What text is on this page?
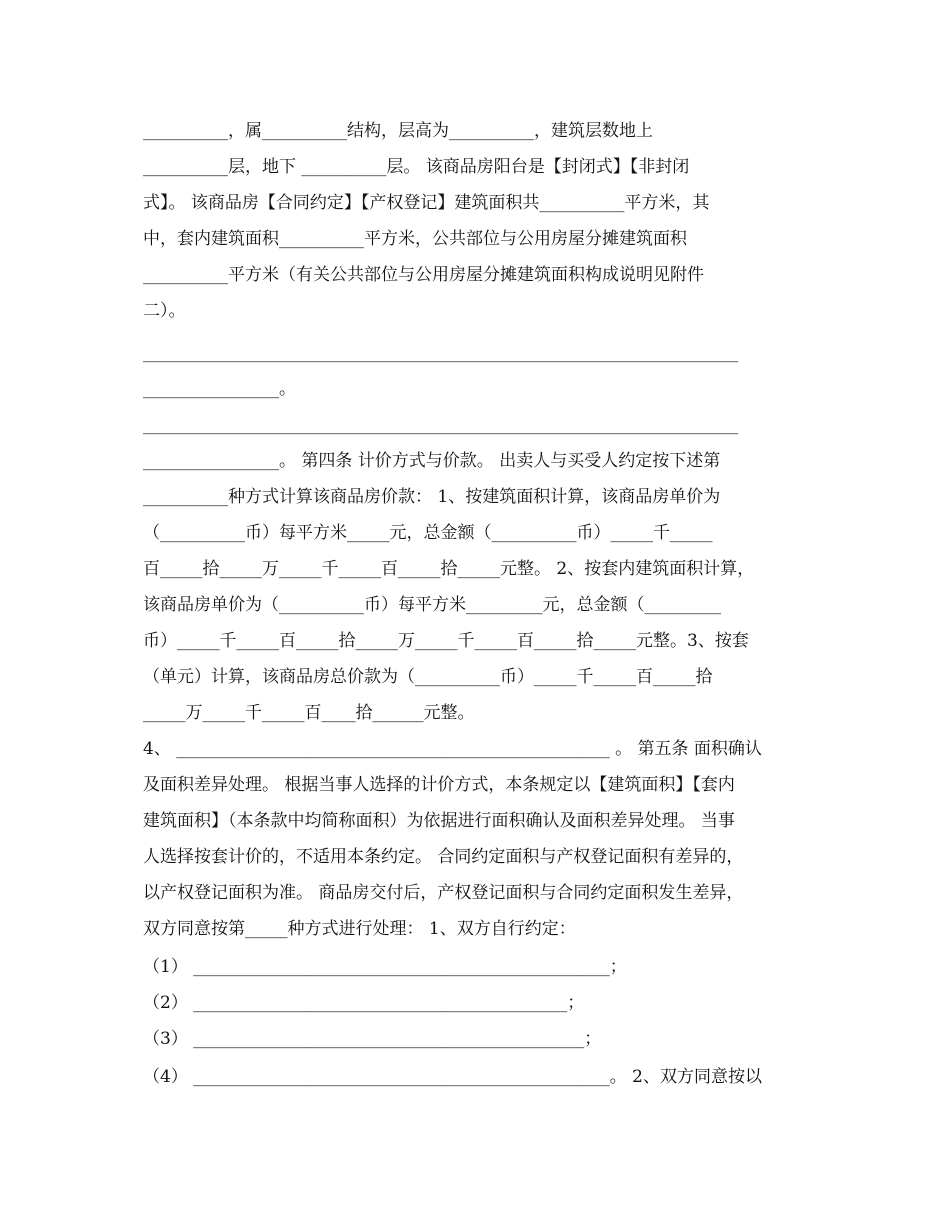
__________，属__________结构，层高为__________，建筑层数地上
__________层，地下 __________层。 该商品房阳台是【封闭式】【非封闭
式】。 该商品房【合同约定】【产权登记】建筑面积共__________平方米，其
中，套内建筑面积__________平方米，公共部位与公用房屋分摊建筑面积
__________平方米（有关公共部位与公用房屋分摊建筑面积构成说明见附件
二）。
______________________________________________________________________
________________。
______________________________________________________________________
________________。 第四条 计价方式与价款。 出卖人与买受人约定按下述第
__________种方式计算该商品房价款： 1、按建筑面积计算，该商品房单价为
（__________币）每平方米_____元，总金额（__________币）_____千_____
百_____拾_____万_____千_____百_____拾_____元整。 2、按套内建筑面积计算，
该商品房单价为（__________币）每平方米_________元，总金额（_________
币）_____千_____百_____拾_____万_____千_____百_____拾_____元整。3、按套
（单元）计算，该商品房总价款为（__________币）_____千_____百_____拾
_____万_____千_____百____拾______元整。
4、 ___________________________________________________ 。 第五条 面积确认
及面积差异处理。 根据当事人选择的计价方式，本条规定以【建筑面积】【套内
建筑面积】（本条款中均简称面积）为依据进行面积确认及面积差异处理。 当事
人选择按套计价的，不适用本条约定。 合同约定面积与产权登记面积有差异的，
以产权登记面积为准。 商品房交付后，产权登记面积与合同约定面积发生差异，
双方同意按第_____种方式进行处理： 1、双方自行约定：
（1） _________________________________________________；
（2） ____________________________________________；
（3） ______________________________________________；
（4） _________________________________________________。 2、双方同意按以
